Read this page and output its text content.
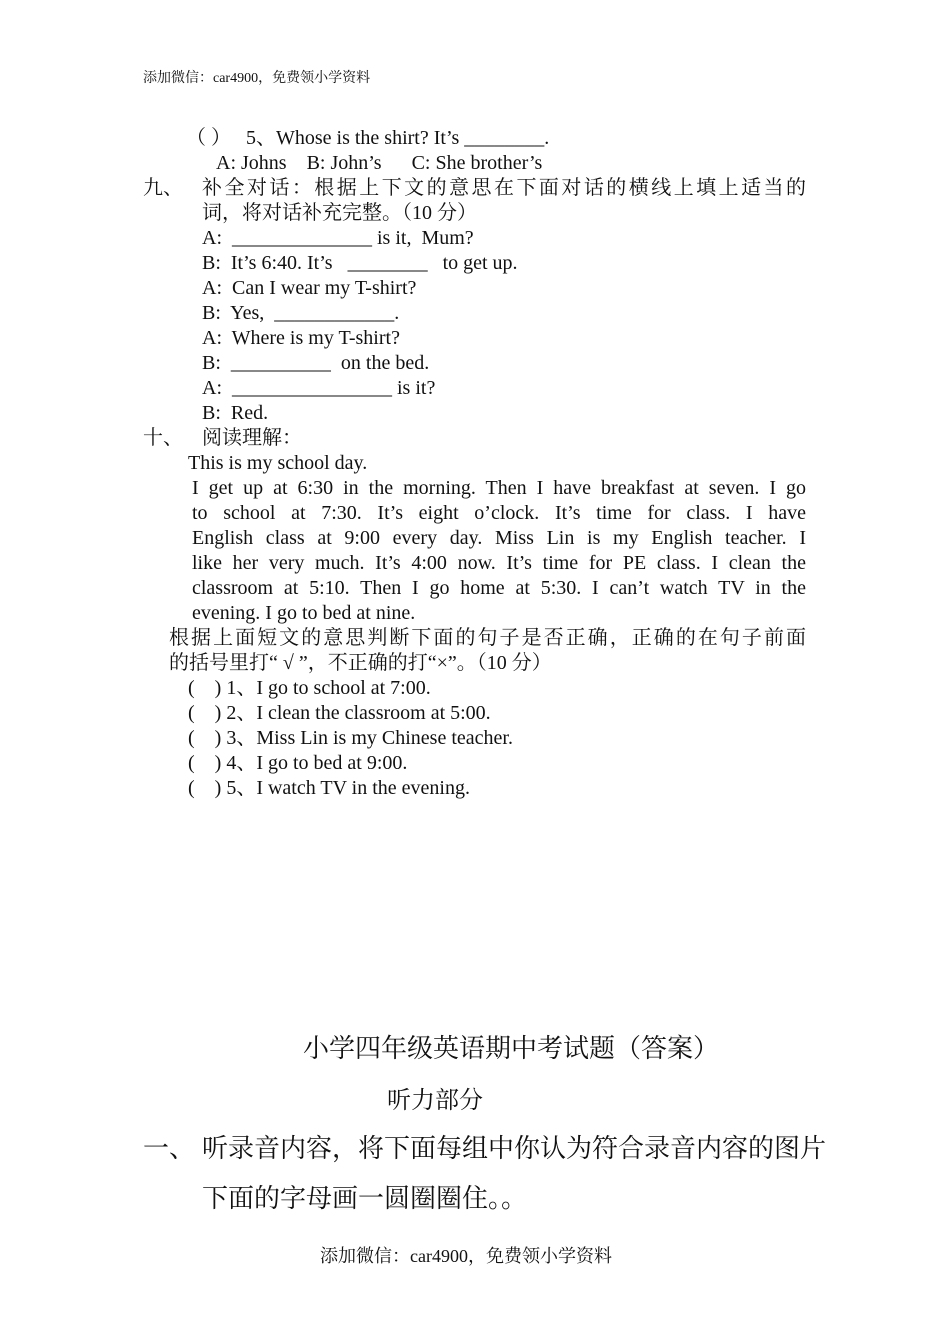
添加微信：car4900，免费领小学资料
（ ） 5、Whose is the shirt? It’s ________.
A: Johns    B: John’s      C: She brother’s
九、 补全对话：根据上下文的意思在下面对话的横线上填上适当的
词，将对话补充完整。（10 分）
A:  ______________ is it,  Mum?
B:  It’s 6:40. It’s   ________   to get up.
A:  Can I wear my T-shirt?
B:  Yes,  ____________.
A:  Where is my T-shirt?
B:  __________  on the bed.
A:  ________________ is it?
B:  Red.
十、 阅读理解：
This is my school day.
I get up at 6:30 in the morning. Then I have breakfast at seven. I go
to school at 7:30. It’s eight o’clock. It’s time for class. I have
English class at 9:00 every day. Miss Lin is my English teacher. I
like her very much. It’s 4:00 now. It’s time for PE class. I clean the
classroom at 5:10. Then I go home at 5:30. I can’t watch TV in the
evening. I go to bed at nine.
根据上面短文的意思判断下面的句子是否正确，正确的在句子前面
的括号里打“ √ ”，不正确的打“×”。（10 分）
(    ) 1、I go to school at 7:00.
(    ) 2、I clean the classroom at 5:00.
(    ) 3、Miss Lin is my Chinese teacher.
(    ) 4、I go to bed at 9:00.
(    ) 5、I watch TV in the evening.
小学四年级英语期中考试题（答案）
听力部分
一、 听录音内容，将下面每组中你认为符合录音内容的图片
下面的字母画一圆圈圈住。。
添加微信：car4900，免费领小学资料
